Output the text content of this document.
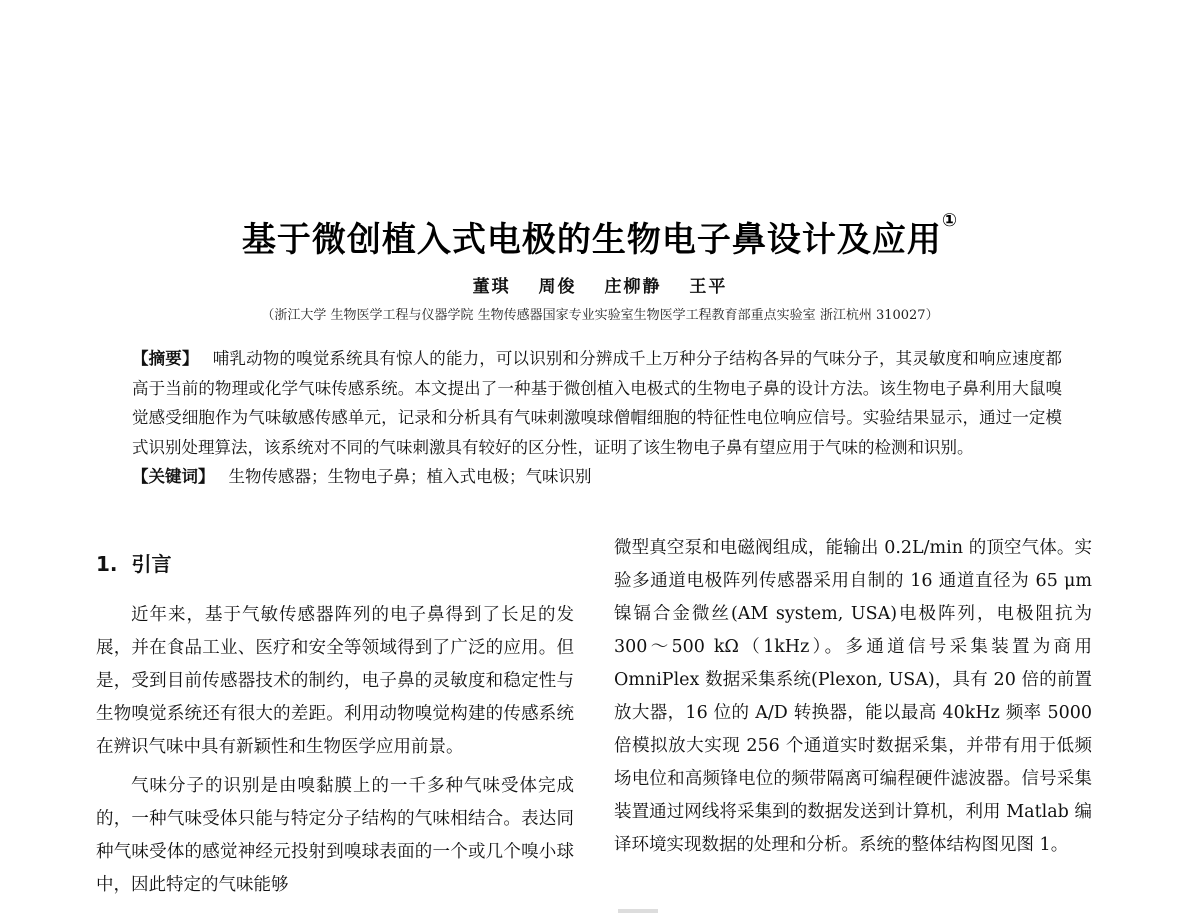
基于微创植入式电极的生物电子鼻设计及应用①
董琪 周俊 庄柳静 王平
（浙江大学 生物医学工程与仪器学院 生物传感器国家专业实验室生物医学工程教育部重点实验室 浙江杭州 310027）
【摘要】 哺乳动物的嗅觉系统具有惊人的能力，可以识别和分辨成千上万种分子结构各异的气味分子，其灵敏度和响应速度都高于当前的物理或化学气味传感系统。本文提出了一种基于微创植入电极式的生物电子鼻的设计方法。该生物电子鼻利用大鼠嗅觉感受细胞作为气味敏感传感单元，记录和分析具有气味刺激嗅球僧帽细胞的特征性电位响应信号。实验结果显示，通过一定模式识别处理算法，该系统对不同的气味刺激具有较好的区分性，证明了该生物电子鼻有望应用于气味的检测和识别。
【关键词】 生物传感器；生物电子鼻；植入式电极；气味识别
1. 引言

近年来，基于气敏传感器阵列的电子鼻得到了长足的发展，并在食品工业、医疗和安全等领域得到了广泛的应用。但是，受到目前传感器技术的制约，电子鼻的灵敏度和稳定性与生物嗅觉系统还有很大的差距。利用动物嗅觉构建的传感系统在辨识气味中具有新颖性和生物医学应用前景。

气味分子的识别是由嗅黏膜上的一千多种气味受体完成的，一种气味受体只能与特定分子结构的气味相结合。表达同种气味受体的感觉神经元投射到嗅球表面的一个或几个嗅小球中，因此特定的气味能够

微型真空泵和电磁阀组成，能输出 0.2L/min 的顶空气体。实验多通道电极阵列传感器采用自制的 16 通道直径为 65 μm 镍镉合金微丝(AM system, USA)电极阵列，电极阻抗为 300～500 kΩ（1kHz）。多通道信号采集装置为商用 OmniPlex 数据采集系统(Plexon, USA)，具有 20 倍的前置放大器，16 位的 A/D 转换器，能以最高 40kHz 频率 5000 倍模拟放大实现 256 个通道实时数据采集，并带有用于低频场电位和高频锋电位的频带隔离可编程硬件滤波器。信号采集装置通过网线将采集到的数据发送到计算机，利用 Matlab 编译环境实现数据的处理和分析。系统的整体结构图见图 1。
